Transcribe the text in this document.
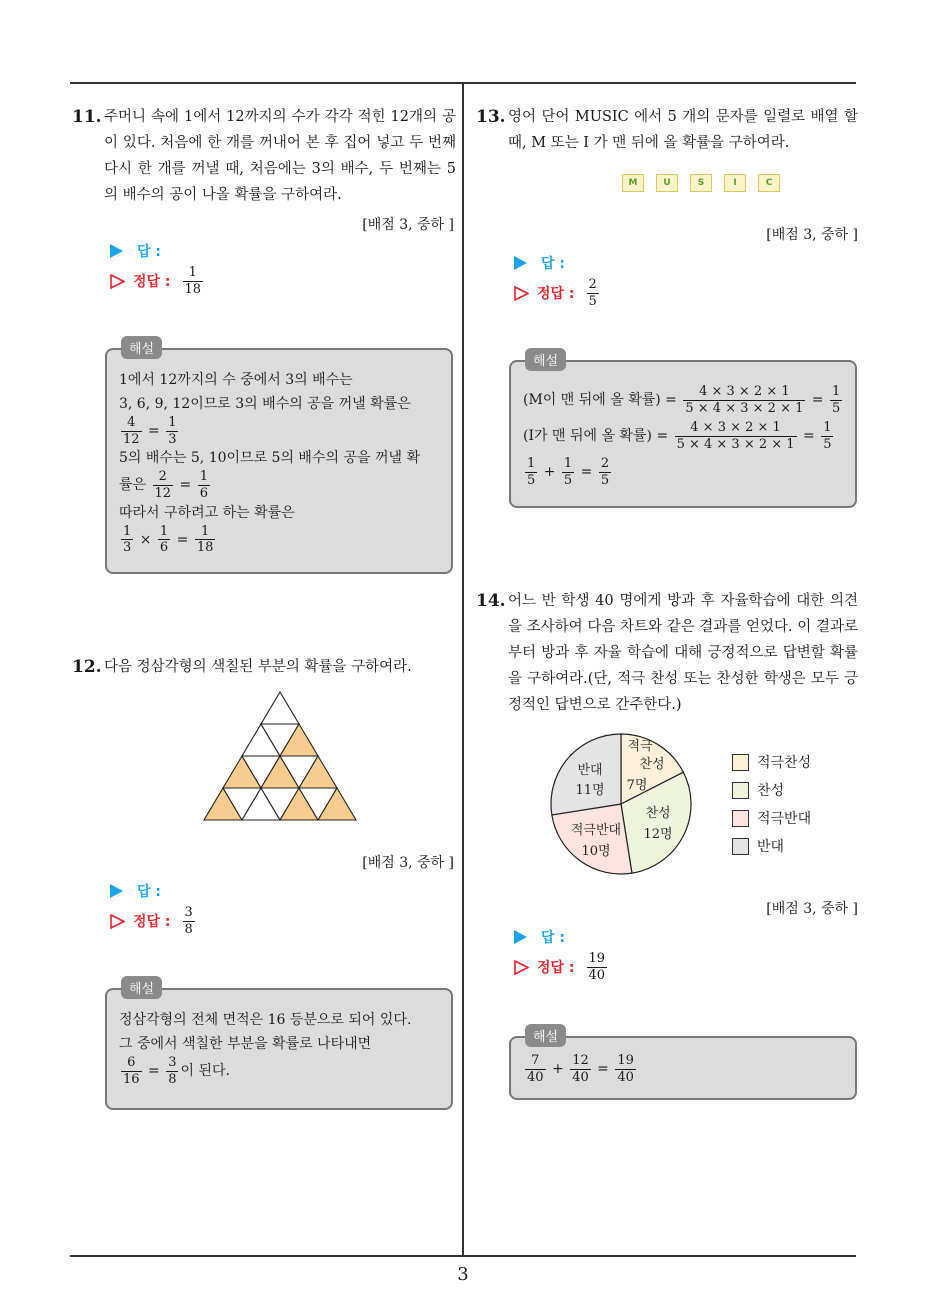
3
11. 주머니 속에 1에서 12까지의 수가 각각 적힌 12개의 공이 있다. 처음에 한 개를 꺼내어 본 후 집어 넣고 두 번째 다시 한 개를 꺼낼 때, 처음에는 3의 배수, 두 번째는 5의 배수의 공이 나올 확률을 구하여라.
[배점 3, 중하 ]
답 :
정답 : $\frac{1}{18}$
해설
1에서 12까지의 수 중에서 3의 배수는
3, 6, 9, 12이므로 3의 배수의 공을 꺼낼 확률은
$\frac{4}{12} = \frac{1}{3}$
5의 배수는 5, 10이므로 5의 배수의 공을 꺼낼 확
률은 $\frac{2}{12} = \frac{1}{6}$
따라서 구하려고 하는 확률은
$\frac{1}{3} \times \frac{1}{6} = \frac{1}{18}$
12. 다음 정삼각형의 색칠된 부분의 확률을 구하여라.
[배점 3, 중하 ]
답 :
정답 : $\frac{3}{8}$
해설
정삼각형의 전체 면적은 16 등분으로 되어 있다.
그 중에서 색칠한 부분을 확률로 나타내면
$\frac{6}{16} = \frac{3}{8}$ 이 된다.
13. 영어 단어 MUSIC 에서 5 개의 문자를 일렬로 배열 할 때, M 또는 I 가 맨 뒤에 올 확률을 구하여라.
M	U	S	I	C
[배점 3, 중하 ]
답 :
정답 : $\frac{2}{5}$
해설
(M이 맨 뒤에 올 확률) = $\frac{4 \times 3 \times 2 \times 1}{5 \times 4 \times 3 \times 2 \times 1} = \frac{1}{5}$
(I가 맨 뒤에 올 확률) = $\frac{4 \times 3 \times 2 \times 1}{5 \times 4 \times 3 \times 2 \times 1} = \frac{1}{5}$
$\frac{1}{5} + \frac{1}{5} = \frac{2}{5}$
14. 어느 반 학생 40 명에게 방과 후 자율학습에 대한 의견을 조사하여 다음 차트와 같은 결과를 얻었다. 이 결과로부터 방과 후 자율 학습에 대해 긍정적으로 답변할 확률을 구하여라.(단, 적극 찬성 또는 찬성한 학생은 모두 긍정적인 답변으로 간주한다.)
적극
찬성
7명
찬성
12명
적극반대
10명
반대
11명
적극찬성
찬성
적극반대
반대
[배점 3, 중하 ]
답 :
정답 : $\frac{19}{40}$
해설
$\frac{7}{40} + \frac{12}{40} = \frac{19}{40}$
